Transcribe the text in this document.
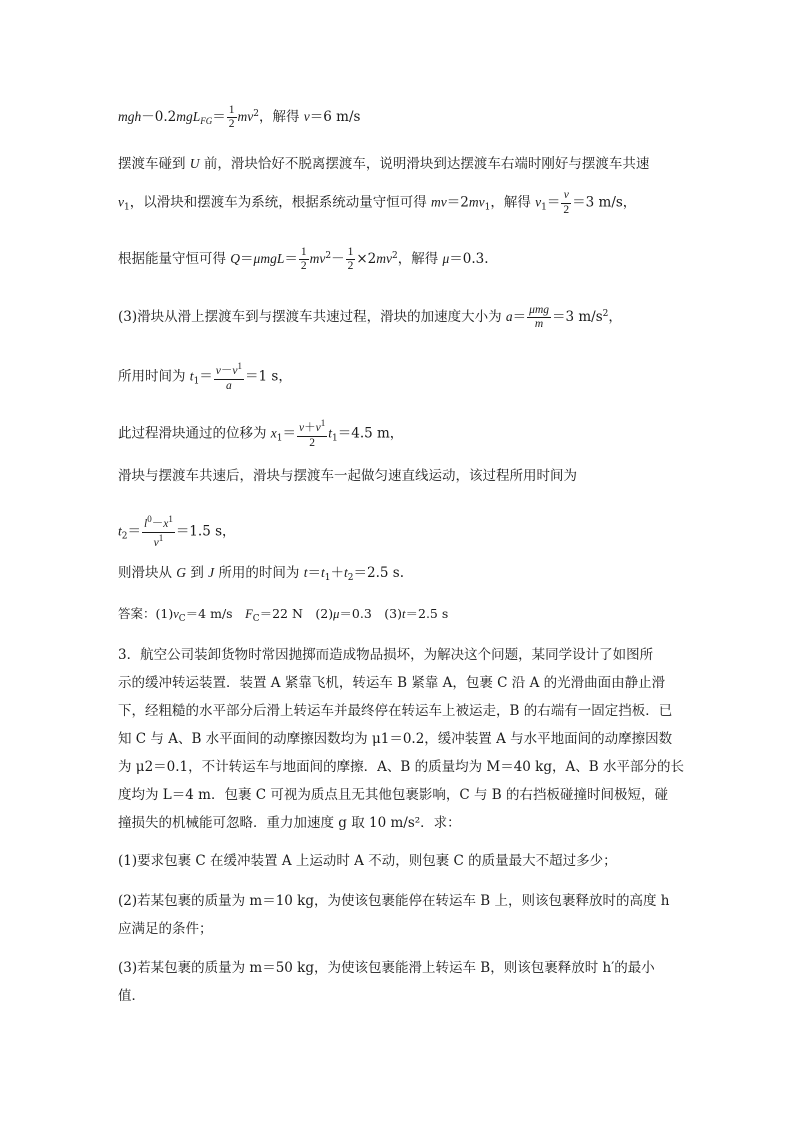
$mgh-0.2mgL_{FG}= \frac{1}{2} mv^2$，解得 v＝6 m/s
摆渡车碰到 U 前，滑块恰好不脱离摆渡车，说明滑块到达摆渡车右端时刚好与摆渡车共速
$v_1$，以滑块和摆渡车为系统，根据系统动量守恒可得 $mv=2mv_1$，解得 $v_1= \frac{v}{2} =3$ m/s，
根据能量守恒可得 $Q=\mu mgL= \frac{1}{2} mv^2- \frac{1}{2} \times 2mv^2$，解得 μ＝0.3.
(3)滑块从滑上摆渡车到与摆渡车共速过程，滑块的加速度大小为 $a= \frac{\text{μmg}}{m} =3$ $m/s^2$，
所用时间为 $t_1= \frac{v-v^1}{a} =1$ s，
此过程滑块通过的位移为 $x_1= \frac{v+v^1}{2} t_1=4.5$ m，
滑块与摆渡车共速后，滑块与摆渡车一起做匀速直线运动，该过程所用时间为
$t_2= \frac{l^0-x^1}{v^1} =1.5$ s，
则滑块从 G 到 J 所用的时间为 $t=t_1+t_2=2.5$ s.
答案：$(1)v_C=4$ m/s　$F_C=22$ N　(2)μ＝0.3　(3)t＝2.5 s
3．航空公司装卸货物时常因抛掷而造成物品损坏，为解决这个问题，某同学设计了如图所
示的缓冲转运装置．装置 A 紧靠飞机，转运车 B 紧靠 A，包裹 C 沿 A 的光滑曲面由静止滑
下，经粗糙的水平部分后滑上转运车并最终停在转运车上被运走，B 的右端有一固定挡板．已
知 C 与 A、B 水平面间的动摩擦因数均为 μ1＝0.2，缓冲装置 A 与水平地面间的动摩擦因数
为 μ2＝0.1，不计转运车与地面间的摩擦．A、B 的质量均为 M＝40 kg，A、B 水平部分的长
度均为 L＝4 m．包裹 C 可视为质点且无其他包裹影响，C 与 B 的右挡板碰撞时间极短，碰
撞损失的机械能可忽略．重力加速度 g 取 10 m/s²．求：
(1)要求包裹 C 在缓冲装置 A 上运动时 A 不动，则包裹 C 的质量最大不超过多少；
(2)若某包裹的质量为 m＝10 kg，为使该包裹能停在转运车 B 上，则该包裹释放时的高度 h
应满足的条件；
(3)若某包裹的质量为 m＝50 kg，为使该包裹能滑上转运车 B，则该包裹释放时 h′的最小
值．
